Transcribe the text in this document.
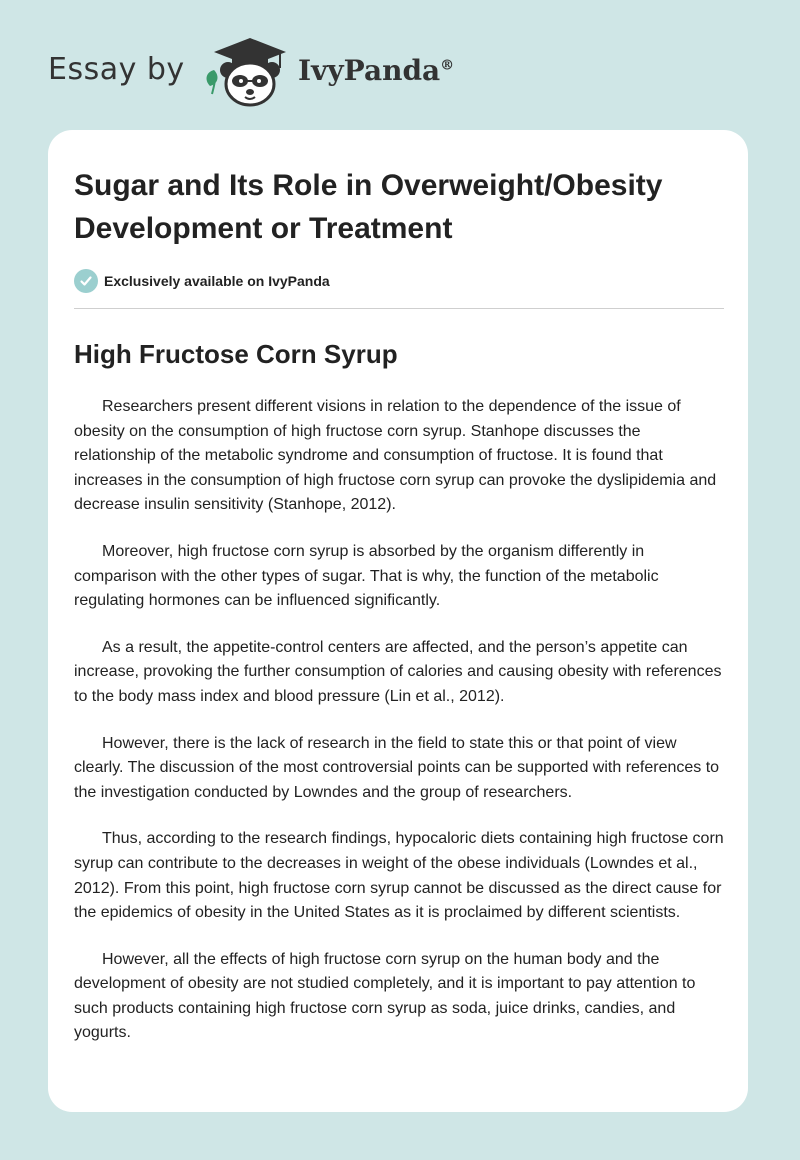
Essay by	IvyPanda®
Sugar and Its Role in Overweight/Obesity Development or Treatment
Exclusively available on IvyPanda
High Fructose Corn Syrup

Researchers present different visions in relation to the dependence of the issue of obesity on the consumption of high fructose corn syrup. Stanhope discusses the relationship of the metabolic syndrome and consumption of fructose. It is found that increases in the consumption of high fructose corn syrup can provoke the dyslipidemia and decrease insulin sensitivity (Stanhope, 2012).

Moreover, high fructose corn syrup is absorbed by the organism differently in comparison with the other types of sugar. That is why, the function of the metabolic regulating hormones can be influenced significantly.

As a result, the appetite-control centers are affected, and the person’s appetite can increase, provoking the further consumption of calories and causing obesity with references to the body mass index and blood pressure (Lin et al., 2012).

However, there is the lack of research in the field to state this or that point of view clearly. The discussion of the most controversial points can be supported with references to the investigation conducted by Lowndes and the group of researchers.

Thus, according to the research findings, hypocaloric diets containing high fructose corn syrup can contribute to the decreases in weight of the obese individuals (Lowndes et al., 2012). From this point, high fructose corn syrup cannot be discussed as the direct cause for the epidemics of obesity in the United States as it is proclaimed by different scientists.

However, all the effects of high fructose corn syrup on the human body and the development of obesity are not studied completely, and it is important to pay attention to such products containing high fructose corn syrup as soda, juice drinks, candies, and yogurts.
